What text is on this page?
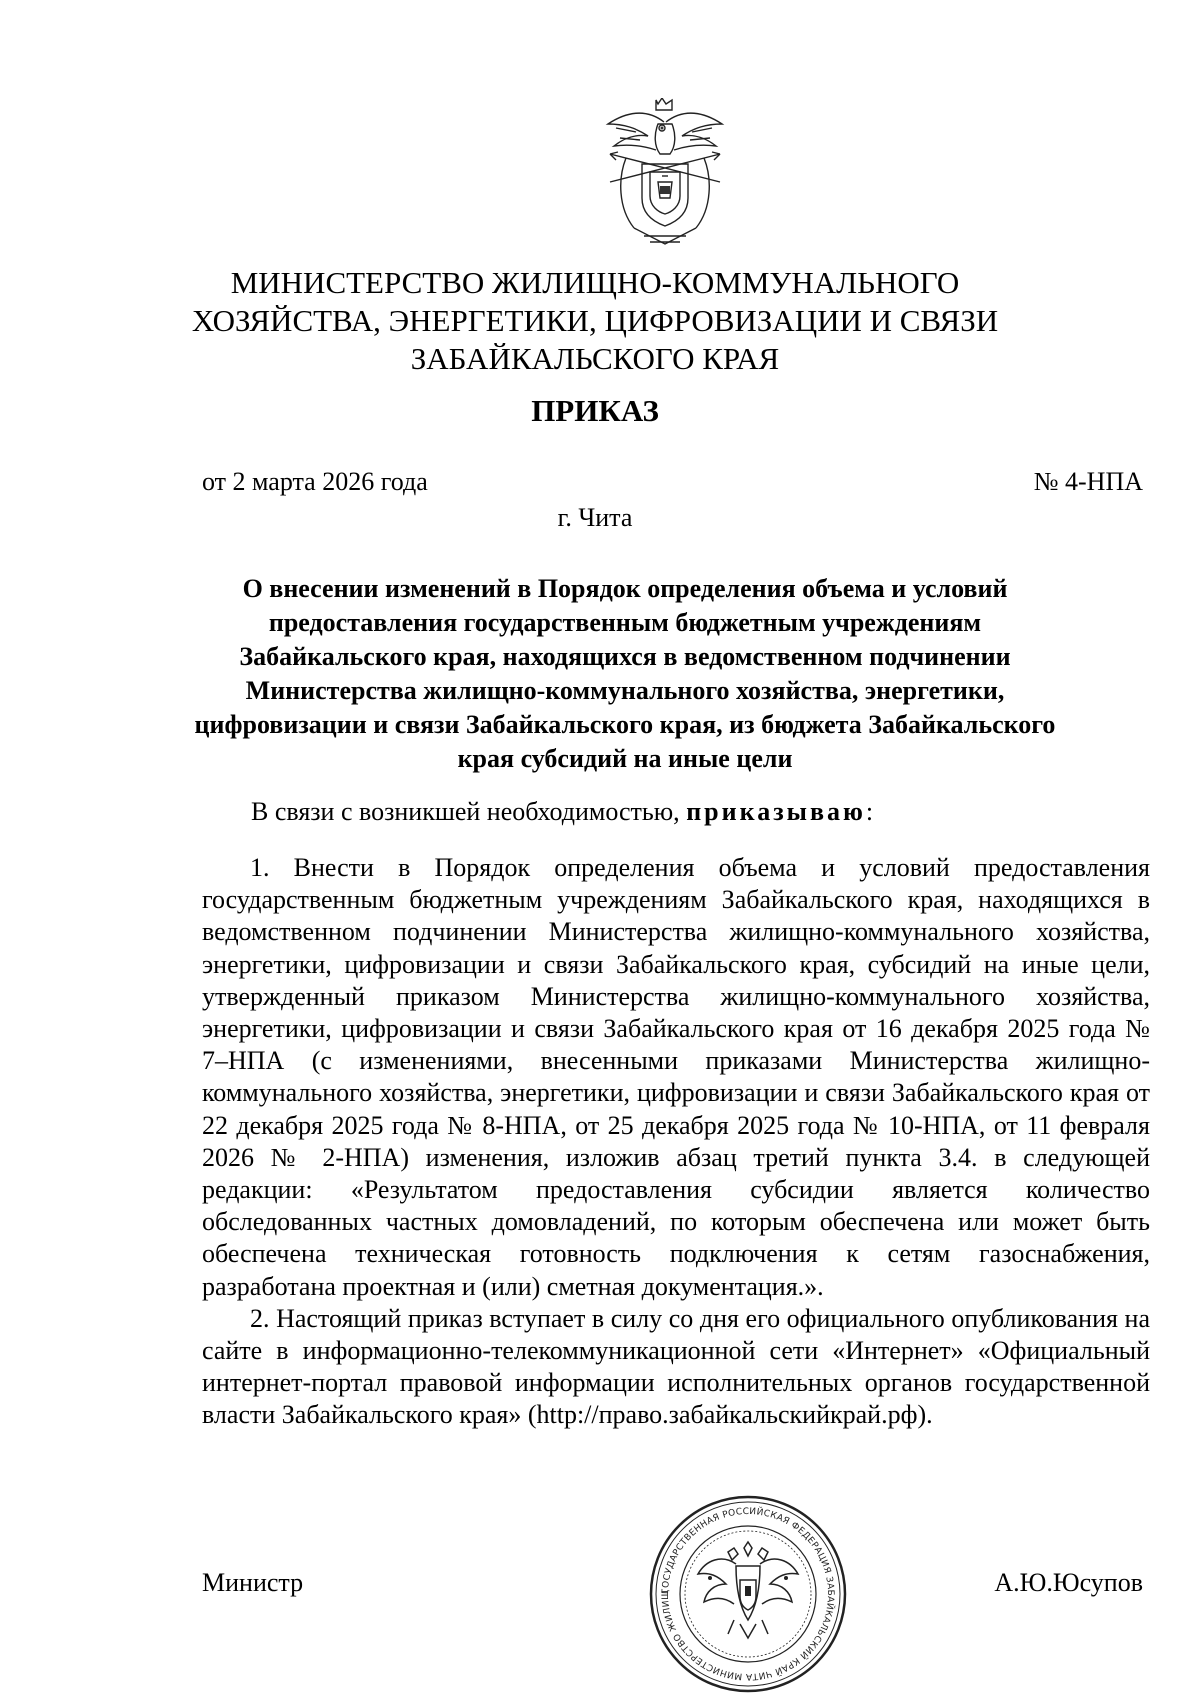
МИНИСТЕРСТВО ЖИЛИЩНО-КОММУНАЛЬНОГО
ХОЗЯЙСТВА, ЭНЕРГЕТИКИ, ЦИФРОВИЗАЦИИ И СВЯЗИ
ЗАБАЙКАЛЬСКОГО КРАЯ
ПРИКАЗ
от 2 марта 2026 года	№ 4-НПА
г. Чита
О внесении изменений в Порядок определения объема и условий
предоставления государственным бюджетным учреждениям
Забайкальского края, находящихся в ведомственном подчинении
Министерства жилищно-коммунального хозяйства, энергетики,
цифровизации и связи Забайкальского края, из бюджета Забайкальского
края субсидий на иные цели
В связи с возникшей необходимостью, приказываю:

1. Внести в Порядок определения объема и условий предоставления государственным бюджетным учреждениям Забайкальского края, находящихся в ведомственном подчинении Министерства жилищно-коммунального хозяйства, энергетики, цифровизации и связи Забайкальского края, субсидий на иные цели, утвержденный приказом Министерства жилищно-коммунального хозяйства, энергетики, цифровизации и связи Забайкальского края от 16 декабря 2025 года № 7–НПА (с изменениями, внесенными приказами Министерства жилищно-коммунального хозяйства, энергетики, цифровизации и связи Забайкальского края от 22 декабря 2025 года № 8-НПА, от 25 декабря 2025 года № 10-НПА, от 11 февраля 2026 № 2-НПА) изменения, изложив абзац третий пункта 3.4. в следующей редакции: «Результатом предоставления субсидии является количество обследованных частных домовладений, по которым обеспечена или может быть обеспечена техническая готовность подключения к сетям газоснабжения, разработана проектная и (или) сметная документация.».

2. Настоящий приказ вступает в силу со дня его официального опубликования на сайте в информационно-телекоммуникационной сети «Интернет» «Официальный интернет-портал правовой информации исполнительных органов государственной власти Забайкальского края» (http://право.забайкальскийкрай.рф).

ГОСУДАРСТВЕННАЯ РОССИЙСКАЯ ФЕДЕРАЦИЯ ЗАБАЙКАЛЬСКИЙ КРАЙ ЧИТА МИНИСТЕРСТВО ЖИЛИЩ
Министр	А.Ю.Юсупов
